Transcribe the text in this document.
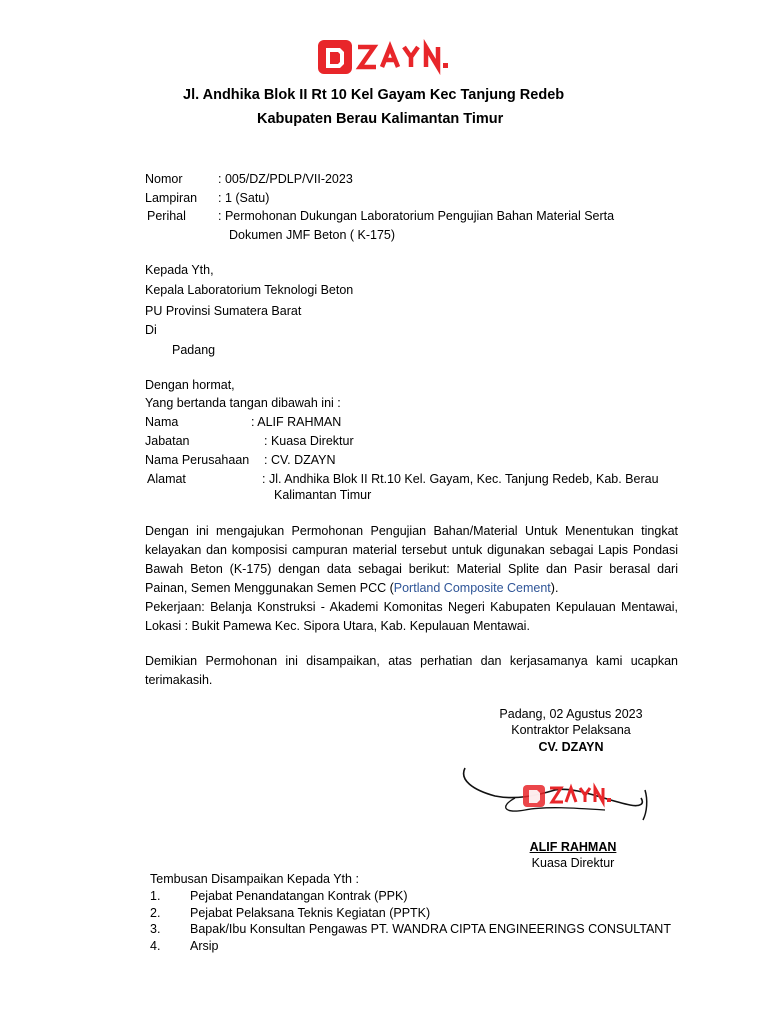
Jl. Andhika Blok II Rt 10 Kel Gayam Kec Tanjung Redeb
Kabupaten Berau Kalimantan Timur
Nomor	: 005/DZ/PDLP/VII-2023
Lampiran : 1 (Satu)
Perihal	: Permohonan Dukungan Laboratorium Pengujian Bahan Material Serta
Dokumen JMF Beton ( K-175)
Kepada Yth,
Kepala Laboratorium Teknologi Beton
PU Provinsi Sumatera Barat
Di
Padang
Dengan hormat,
Yang bertanda tangan dibawah ini :
Nama	: ALIF RAHMAN
Jabatan	: Kuasa Direktur
Nama Perusahaan : CV. DZAYN
Alamat	: Jl. Andhika Blok II Rt.10 Kel. Gayam, Kec. Tanjung Redeb, Kab. Berau
Kalimantan Timur
Dengan ini mengajukan Permohonan Pengujian Bahan/Material Untuk Menentukan tingkat kelayakan dan komposisi campuran material tersebut untuk digunakan sebagai Lapis Pondasi Bawah Beton (K-175) dengan data sebagai berikut: Material Splite dan Pasir berasal dari Painan, Semen Menggunakan Semen PCC (Portland Composite Cement).
Pekerjaan: Belanja Konstruksi - Akademi Komonitas Negeri Kabupaten Kepulauan Mentawai, Lokasi : Bukit Pamewa Kec. Sipora Utara, Kab. Kepulauan Mentawai.
Demikian Permohonan ini disampaikan, atas perhatian dan kerjasamanya kami ucapkan terimakasih.
Padang, 02 Agustus 2023
Kontraktor Pelaksana
CV. DZAYN
ALIF RAHMAN
Kuasa Direktur
Tembusan Disampaikan Kepada Yth :
1. Pejabat Penandatangan Kontrak (PPK)
2. Pejabat Pelaksana Teknis Kegiatan (PPTK)
3. Bapak/Ibu Konsultan Pengawas PT. WANDRA CIPTA ENGINEERINGS CONSULTANT
4. Arsip
